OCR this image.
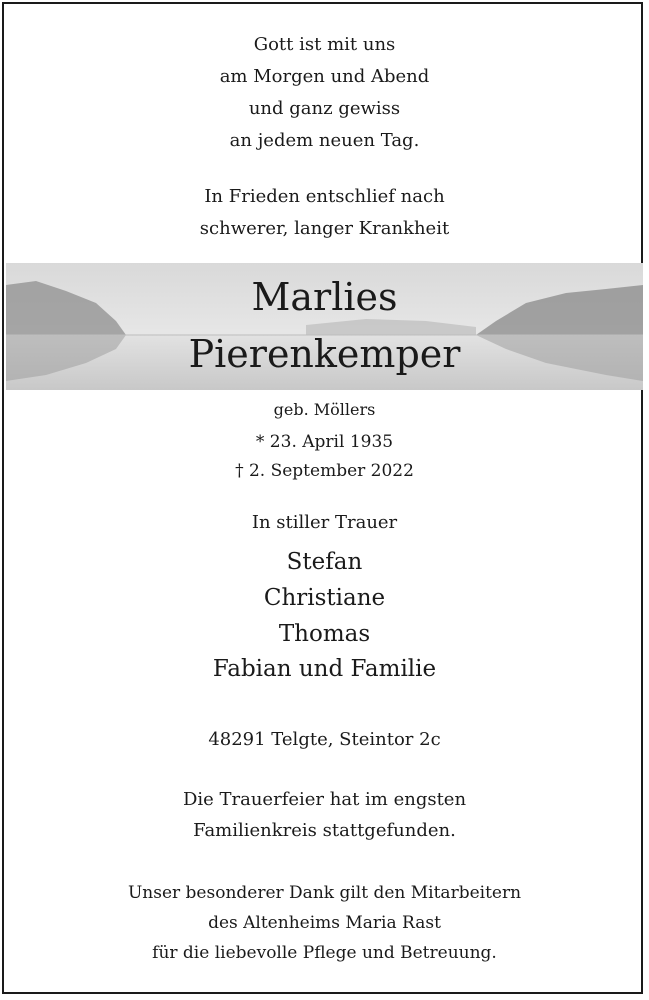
Gott ist mit uns
am Morgen und Abend
und ganz gewiss
an jedem neuen Tag.
In Frieden entschlief nach
schwerer, langer Krankheit
Marlies
Pierenkemper
geb. Möllers
* 23. April 1935
† 2. September 2022
In stiller Trauer
Stefan
Christiane
Thomas
Fabian und Familie
48291 Telgte, Steintor 2c
Die Trauerfeier hat im engsten
Familienkreis stattgefunden.
Unser besonderer Dank gilt den Mitarbeitern
des Altenheims Maria Rast
für die liebevolle Pflege und Betreuung.
